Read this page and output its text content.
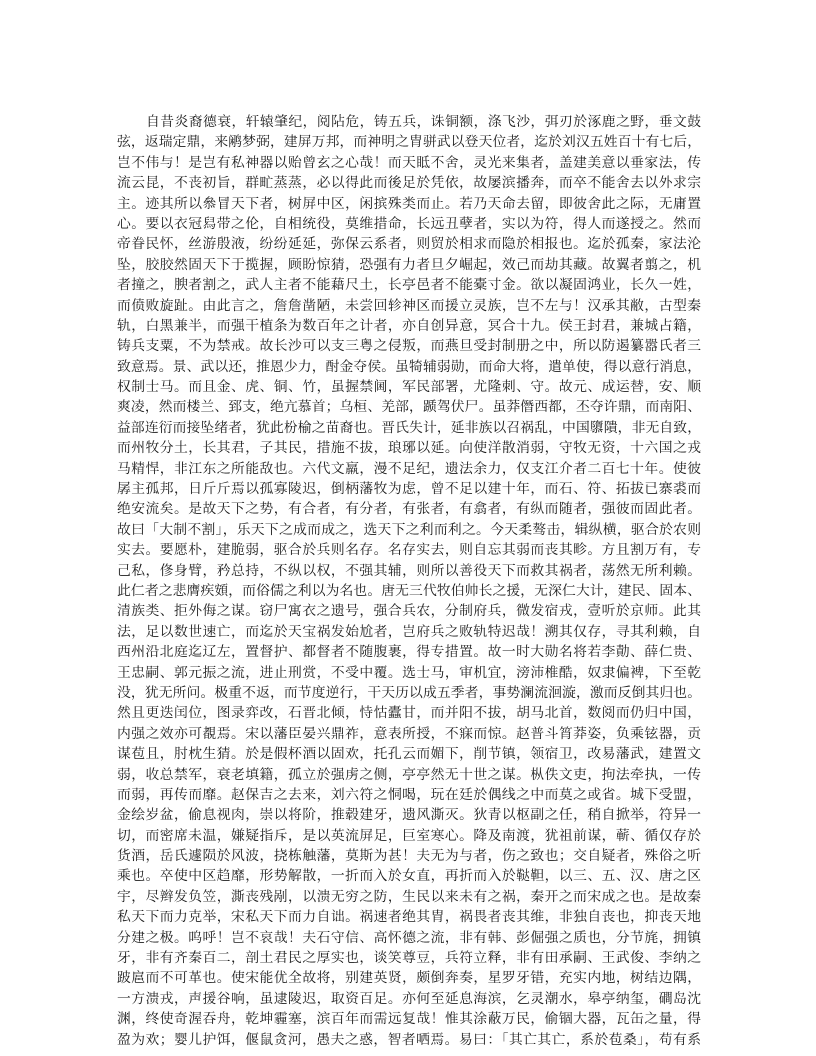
自昔炎裔德衰，轩辕肇纪，阅阽危，铸五兵，诛铜额，涤飞沙，弭刃於涿鹿之野，垂文鼓
弦，返瑞定鼎，来鹇梦弼，建屏万邦，而神明之胄骈武以登天位者，迄於刘汉五姓百十有七后，
岂不伟与！是岂有私神器以贻曾玄之心哉！而天眡不舍，灵光来集者，盖建美意以垂家法，传
流云昆，不丧初旨，群甿蒸蒸，必以得此而後足於凭依，故屡滨播奔，而卒不能舍去以外求宗
主。迹其所以叅冒天下者，树屏中区，闲摈殊类而止。若乃天命去留，即彼舍此之际，无庸置
心。要以衣冠舄带之伦，自相统役，莫维措命，长远丑孽者，实以为符，得人而遂授之。然而
帝眷民怀，丝游殷液，纷纷延延，弥保云系者，则贸於相求而隐於相报也。迄於孤秦，家法沦
坠，胶胶然固天下于揽握，顾盼惊猜，恐强有力者旦夕崛起，效己而劫其藏。故翼者翦之，机
者撞之，腴者割之，武人主者不能藉尺土，长亭邑者不能橐寸金。欲以凝固鸿业，长久一姓，
而偾败旋趾。由此言之，詹詹凿陋，未尝回轸神区而援立灵族，岂不左与！汉承其敝，古型秦
轨，白黑兼半，而强干植条为数百年之计者，亦自创异意，冥合十九。侯王封君，兼城占籍，
铸兵支粟，不为禁戒。故长沙可以支三粤之侵叛，而燕旦受封制册之中，所以防遏纂嚣氏者三
致意焉。景、武以还，推恩少力，酎金夺侯。虽犄辅弱勋，而命大将，遣单使，得以意行消息，
权制士马。而且金、虎、铜、竹，虽握禁阃，军民部署，尤隆刺、守。故元、成运替，安、顺
爽凌，然而楼兰、郅支，绝亢慕首；乌桓、羌部，踬驾伏尸。虽莽僭西都，丕夺许鼎，而南阳、
益部连衍而接坠绪者，犹此枌榆之苗裔也。晋氏失计，延非族以召祸乱，中国隳隤，非无自致，
而州牧分土，长其君，子其民，措施不拔，琅琊以延。向使洋散消弱，守牧无资，十六国之戎
马精悍，非江东之所能敌也。六代文羸，漫不足纪，遗法余力，仅支江介者二百七十年。使彼
孱主孤邦，日斤斤焉以孤寡陵迟，倒柄藩牧为虑，曾不足以建十年，而石、符、拓拔已寨裘而
绝安流矣。是故天下之势，有合者，有分者，有张者，有翕者，有纵而随者，强彼而固此者。
故曰「大制不割」，乐天下之成而成之，选天下之利而利之。今天柔骜击，辑纵横，驱合於农则
实去。要愿朴，建脆弱，驱合於兵则名存。名存实去，则自忘其弱而丧其畛。方且割万有，专
己私，俢身臂，矜总持，不纵以权，不强其辅，则所以善役天下而救其祸者，荡然无所利赖。
此仁者之悲膺疾頞，而俗儒之利以为名也。唐无三代牧伯帅长之援，无深仁大计，建民、固本、
清族类、拒外侮之谋。窃尸寓衣之遗号，强合兵农，分制府兵，微发宿戎，壹听於京师。此其
法，足以数世速亡，而迄於天宝祸发始尬者，岂府兵之败轨特迟哉！溯其仅存，寻其利赖，自
西州沿北庭迄辽左，置督护、都督者不随腹裹，得专措置。故一时大勋名将若李勣、薛仁贵、
王忠嗣、郭元振之流，进止刑赏，不受中覆。选士马，审机宜，滂沛椎酷，奴隶偏裨，下至乾
没，犹无所问。极重不返，而节度逆行，干天历以成五季者，事势澜流洄漩，激而反倒其归也。
然且更迭闰位，图录弈改，石晋北倾，恃怙蠹甘，而并阳不拔，胡马北首，数阅而仍归中国，
内强之效亦可覩焉。宋以藩臣晏兴鼎祚，意表所授，不寐而惊。赵普斗筲莽姿，负乘铉器，贡
谋苞且，肘枕生猜。於是假杯酒以固欢，托孔云而媚下，削节镇，领宿卫，改易藩武，建置文
弱，收总禁军，衰老填籍，孤立於强虏之侧，亭亭然无十世之谋。枞佚文吏，拘法牵执，一传
而弱，再传而靡。赵保吉之去来，刘六符之恫喝，玩在廷於偶线之中而莫之或省。城下受盟，
金绘岁盆，偷息视肉，崇以将阶，推毂建牙，遗风澌灭。狄青以枢副之任，稍自掀举，符异一
切，而密席未温，嫌疑指斥，是以英流屏足，巨室寒心。降及南渡，犹祖前谋，蕲、循仅存於
货酒，岳氏遽陨於风波，挠栋触藩，莫斯为甚！夫无为与者，伤之致也；交自疑者，殊俗之听
乘也。卒使中区趋靡，形势解散，一折而入於女直，再折而入於鞑靼，以三、五、汉、唐之区
宇，尽辫发负笠，澌丧残剐，以溃无穷之防，生民以来未有之祸，秦开之而宋成之也。是故秦
私天下而力克举，宋私天下而力自诎。祸速者绝其胄，祸畏者丧其维，非独自丧也，抑丧天地
分建之极。呜呼！岂不哀哉！夫石守信、高怀德之流，非有韩、彭倔强之质也，分节旄，拥镇
牙，非有齐秦百二，剖土君民之厚实也，谈笑尊豆，兵符立释，非有田承嗣、王武俊、李纳之
跛扈而不可革也。使宋能优全故将，别建英贤，颇倒奔奏，星罗牙错，充实内地，树结边隅，
一方溃戎，声援谷响，虽逮陵迟，取资百足。亦何至延息海滨，乞灵潮水，皋亭纳玺，磵岛沈
渊，终使奇渥吞舟，乾坤霾塞，滨百年而需远复哉！惟其涂蔽万民，偷锢大器，瓦缶之量，得
盈为欢；婴儿护饵，偃鼠贪河，愚夫之惑，智者哂焉。易曰：「其亡其亡，系於苞桑」，苟有系
